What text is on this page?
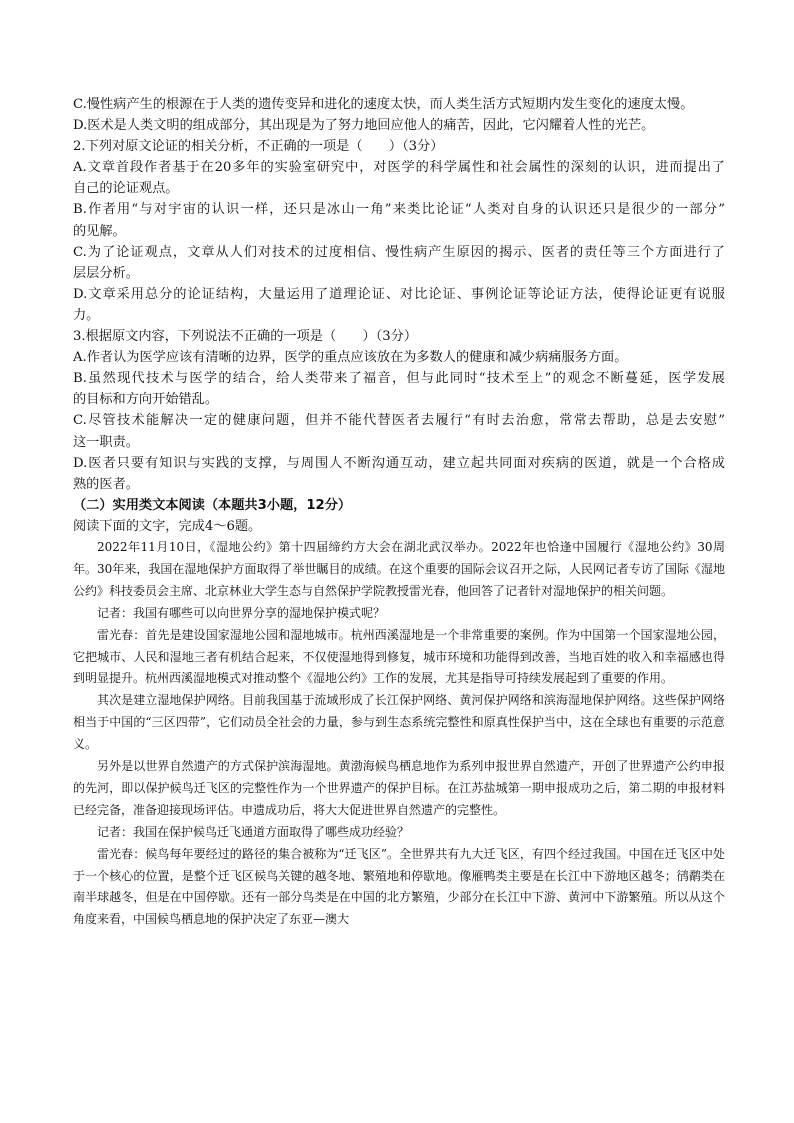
C.慢性病产生的根源在于人类的遗传变异和进化的速度太快，而人类生活方式短期内发生变化的速度太慢。
D.医术是人类文明的组成部分，其出现是为了努力地回应他人的痛苦，因此，它闪耀着人性的光芒。
2.下列对原文论证的相关分析，不正确的一项是（　　）（3分）
A.文章首段作者基于在20多年的实验室研究中，对医学的科学属性和社会属性的深刻的认识，进而提出了
自己的论证观点。
B.作者用“与对宇宙的认识一样，还只是冰山一角”来类比论证“人类对自身的认识还只是很少的一部分”
的见解。
C.为了论证观点，文章从人们对技术的过度相信、慢性病产生原因的揭示、医者的责任等三个方面进行了
层层分析。
D.文章采用总分的论证结构，大量运用了道理论证、对比论证、事例论证等论证方法，使得论证更有说服
力。
3.根据原文内容，下列说法不正确的一项是（　　）（3分）
A.作者认为医学应该有清晰的边界，医学的重点应该放在为多数人的健康和减少病痛服务方面。
B.虽然现代技术与医学的结合，给人类带来了福音，但与此同时“技术至上”的观念不断蔓延，医学发展
的目标和方向开始错乱。
C.尽管技术能解决一定的健康问题，但并不能代替医者去履行“有时去治愈，常常去帮助，总是去安慰”
这一职责。
D.医者只要有知识与实践的支撑，与周围人不断沟通互动，建立起共同面对疾病的医道，就是一个合格成
熟的医者。
（二）实用类文本阅读（本题共3小题，12分）
阅读下面的文字，完成4～6题。
2022年11月10日，《湿地公约》第十四届缔约方大会在湖北武汉举办。2022年也恰逢中国履行《湿地公约》30周年。30年来，我国在湿地保护方面取得了举世瞩目的成绩。在这个重要的国际会议召开之际，人民网记者专访了国际《湿地公约》科技委员会主席、北京林业大学生态与自然保护学院教授雷光春，他回答了记者针对湿地保护的相关问题。
记者：我国有哪些可以向世界分享的湿地保护模式呢？
雷光春：首先是建设国家湿地公园和湿地城市。杭州西溪湿地是一个非常重要的案例。作为中国第一个国家湿地公园，它把城市、人民和湿地三者有机结合起来，不仅使湿地得到修复，城市环境和功能得到改善，当地百姓的收入和幸福感也得到明显提升。杭州西溪湿地模式对推动整个《湿地公约》工作的发展，尤其是指导可持续发展起到了重要的作用。
其次是建立湿地保护网络。目前我国基于流域形成了长江保护网络、黄河保护网络和滨海湿地保护网络。这些保护网络相当于中国的“三区四带”，它们动员全社会的力量，参与到生态系统完整性和原真性保护当中，这在全球也有重要的示范意义。
另外是以世界自然遗产的方式保护滨海湿地。黄渤海候鸟栖息地作为系列申报世界自然遗产，开创了世界遗产公约申报的先河，即以保护候鸟迁飞区的完整性作为一个世界遗产的保护目标。在江苏盐城第一期申报成功之后，第二期的申报材料已经完备，准备迎接现场评估。申遗成功后，将大大促进世界自然遗产的完整性。
记者：我国在保护候鸟迁飞通道方面取得了哪些成功经验？
雷光春：候鸟每年要经过的路径的集合被称为“迁飞区”。全世界共有九大迁飞区，有四个经过我国。中国在迁飞区中处于一个核心的位置，是整个迁飞区候鸟关键的越冬地、繁殖地和停歇地。像雁鸭类主要是在长江中下游地区越冬；鸻鹬类在南半球越冬，但是在中国停歇。还有一部分鸟类是在中国的北方繁殖，少部分在长江中下游、黄河中下游繁殖。所以从这个角度来看，中国候鸟栖息地的保护决定了东亚—澳大
